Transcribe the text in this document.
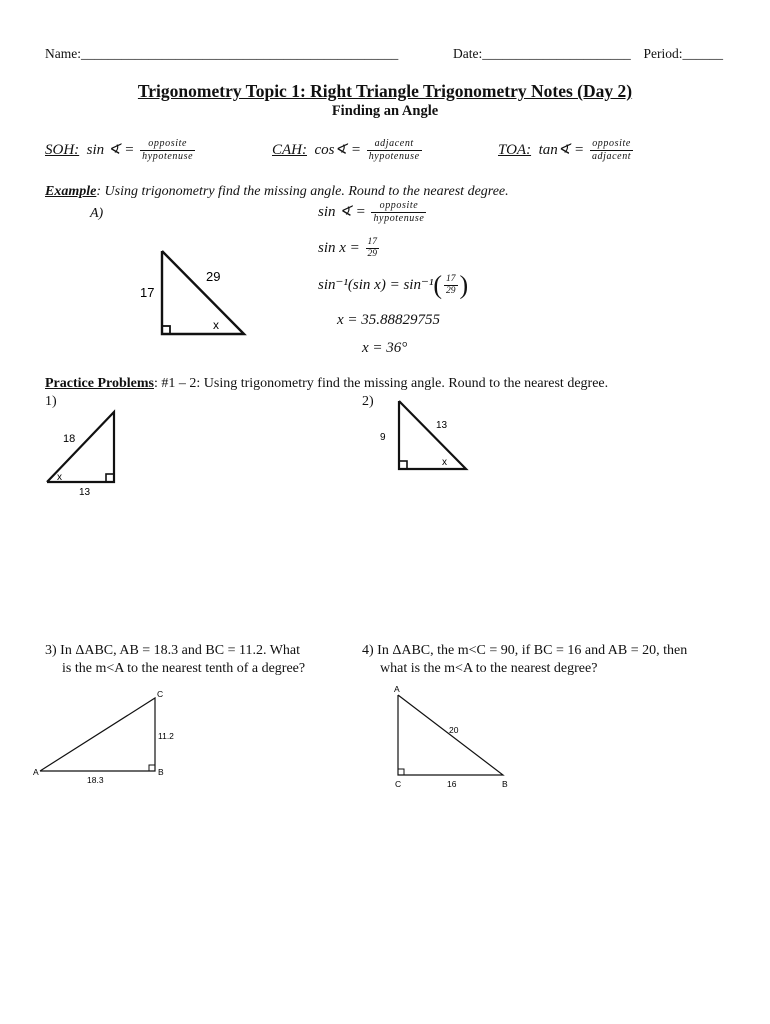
Name:_______________________________________________	Date:______________________ Period:______
Trigonometry Topic 1: Right Triangle Trigonometry Notes (Day 2)
Finding an Angle
SOH: sin ∢ = $\frac{\text{opposite}}{\text{hypotenuse}}$	CAH: cos∢ = $\frac{\text{adjacent}}{\text{hypotenuse}}$	TOA: tan∢ = $\frac{\text{opposite}}{\text{adjacent}}$
Example: Using trigonometry find the missing angle. Round to the nearest degree.
A)
17
29
x
sin ∢ = $\frac{\text{opposite}}{\text{hypotenuse}}$
$\sin x = \frac{17}{29}$
sin⁻¹(sin $x) = \sin^{-1}( \frac{17}{29}$ )
x = 35.88829755
x = 36°
Practice Problems: #1 – 2: Using trigonometry find the missing angle. Round to the nearest degree.
1)	2)
18
13
x
9
13
x
3) In ΔABC, AB = 18.3 and BC = 11.2. What
is the m<A to the nearest tenth of a degree?
A	B
C
11.2
18.3
4) In ΔABC, the m<C = 90, if BC = 16 and AB = 20, then
what is the m<A to the nearest degree?
A
C	B
20
16
